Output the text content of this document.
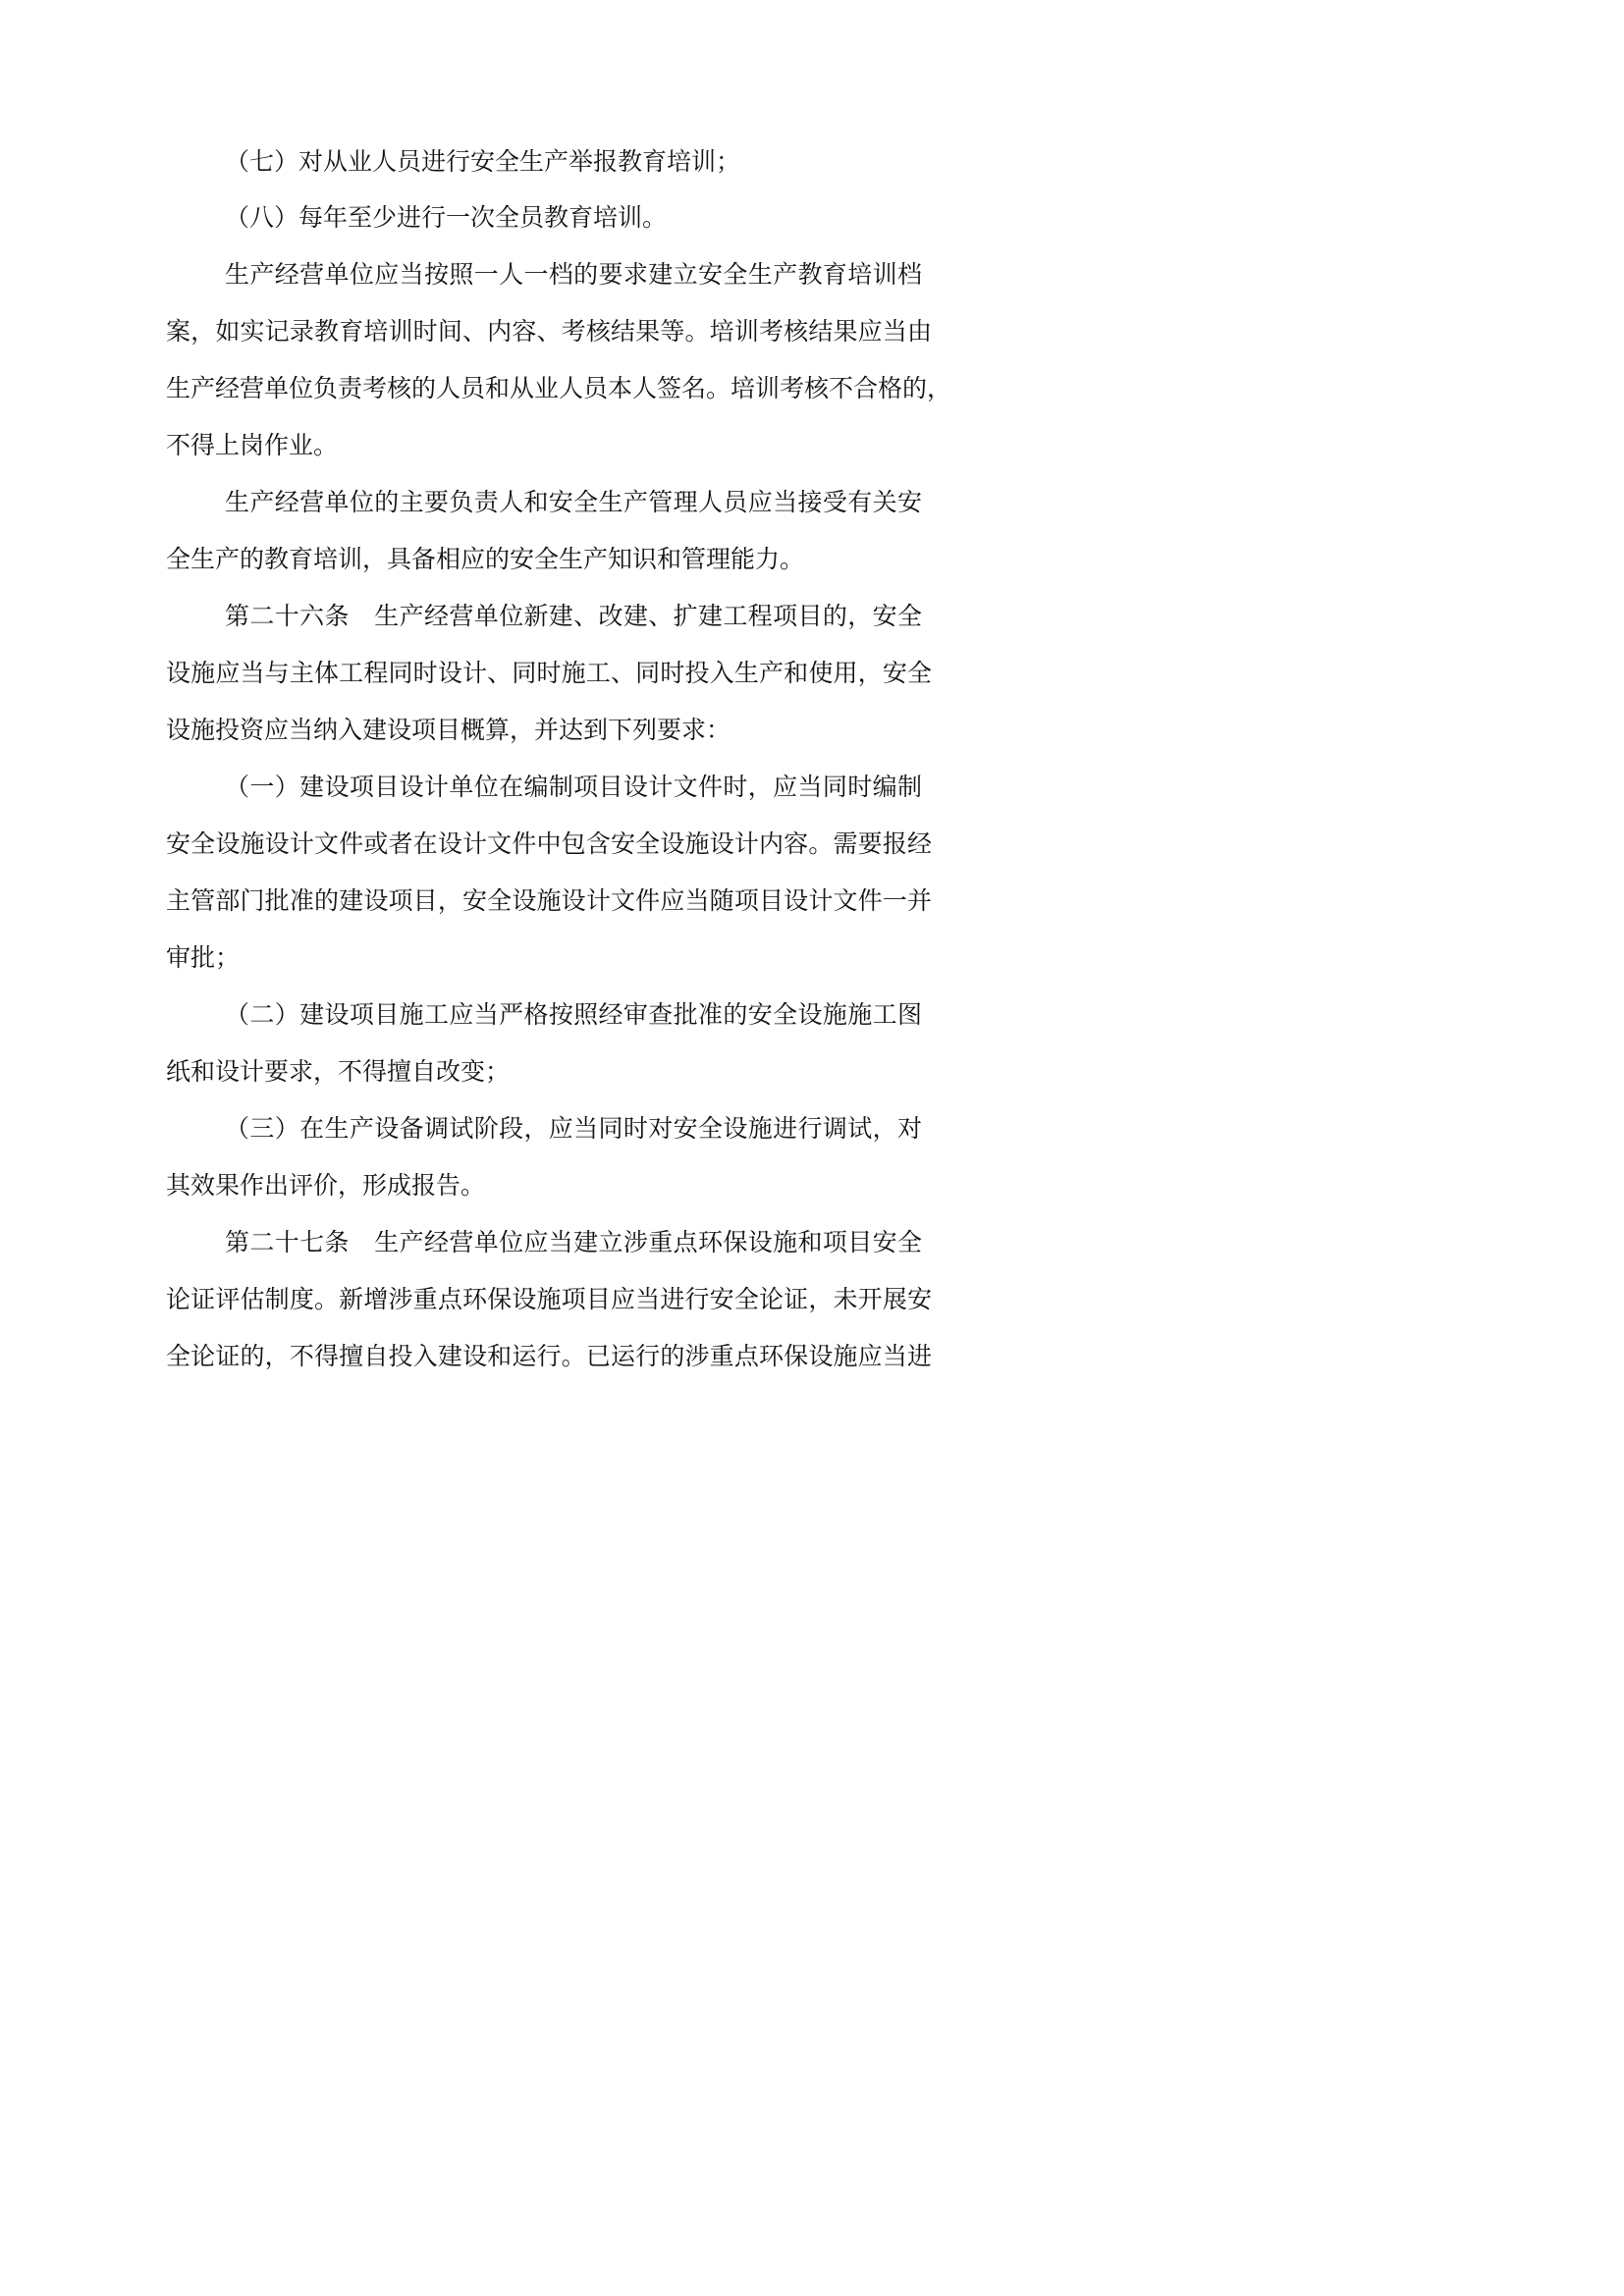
（七）对从业人员进行安全生产举报教育培训；
（八）每年至少进行一次全员教育培训。
生产经营单位应当按照一人一档的要求建立安全生产教育培训档
案，如实记录教育培训时间、内容、考核结果等。培训考核结果应当由
生产经营单位负责考核的人员和从业人员本人签名。培训考核不合格的，
不得上岗作业。
生产经营单位的主要负责人和安全生产管理人员应当接受有关安
全生产的教育培训，具备相应的安全生产知识和管理能力。
第二十六条　生产经营单位新建、改建、扩建工程项目的，安全
设施应当与主体工程同时设计、同时施工、同时投入生产和使用，安全
设施投资应当纳入建设项目概算，并达到下列要求：
（一）建设项目设计单位在编制项目设计文件时，应当同时编制
安全设施设计文件或者在设计文件中包含安全设施设计内容。需要报经
主管部门批准的建设项目，安全设施设计文件应当随项目设计文件一并
审批；
（二）建设项目施工应当严格按照经审查批准的安全设施施工图
纸和设计要求，不得擅自改变；
（三）在生产设备调试阶段，应当同时对安全设施进行调试，对
其效果作出评价，形成报告。
第二十七条　生产经营单位应当建立涉重点环保设施和项目安全
论证评估制度。新增涉重点环保设施项目应当进行安全论证，未开展安
全论证的，不得擅自投入建设和运行。已运行的涉重点环保设施应当进
